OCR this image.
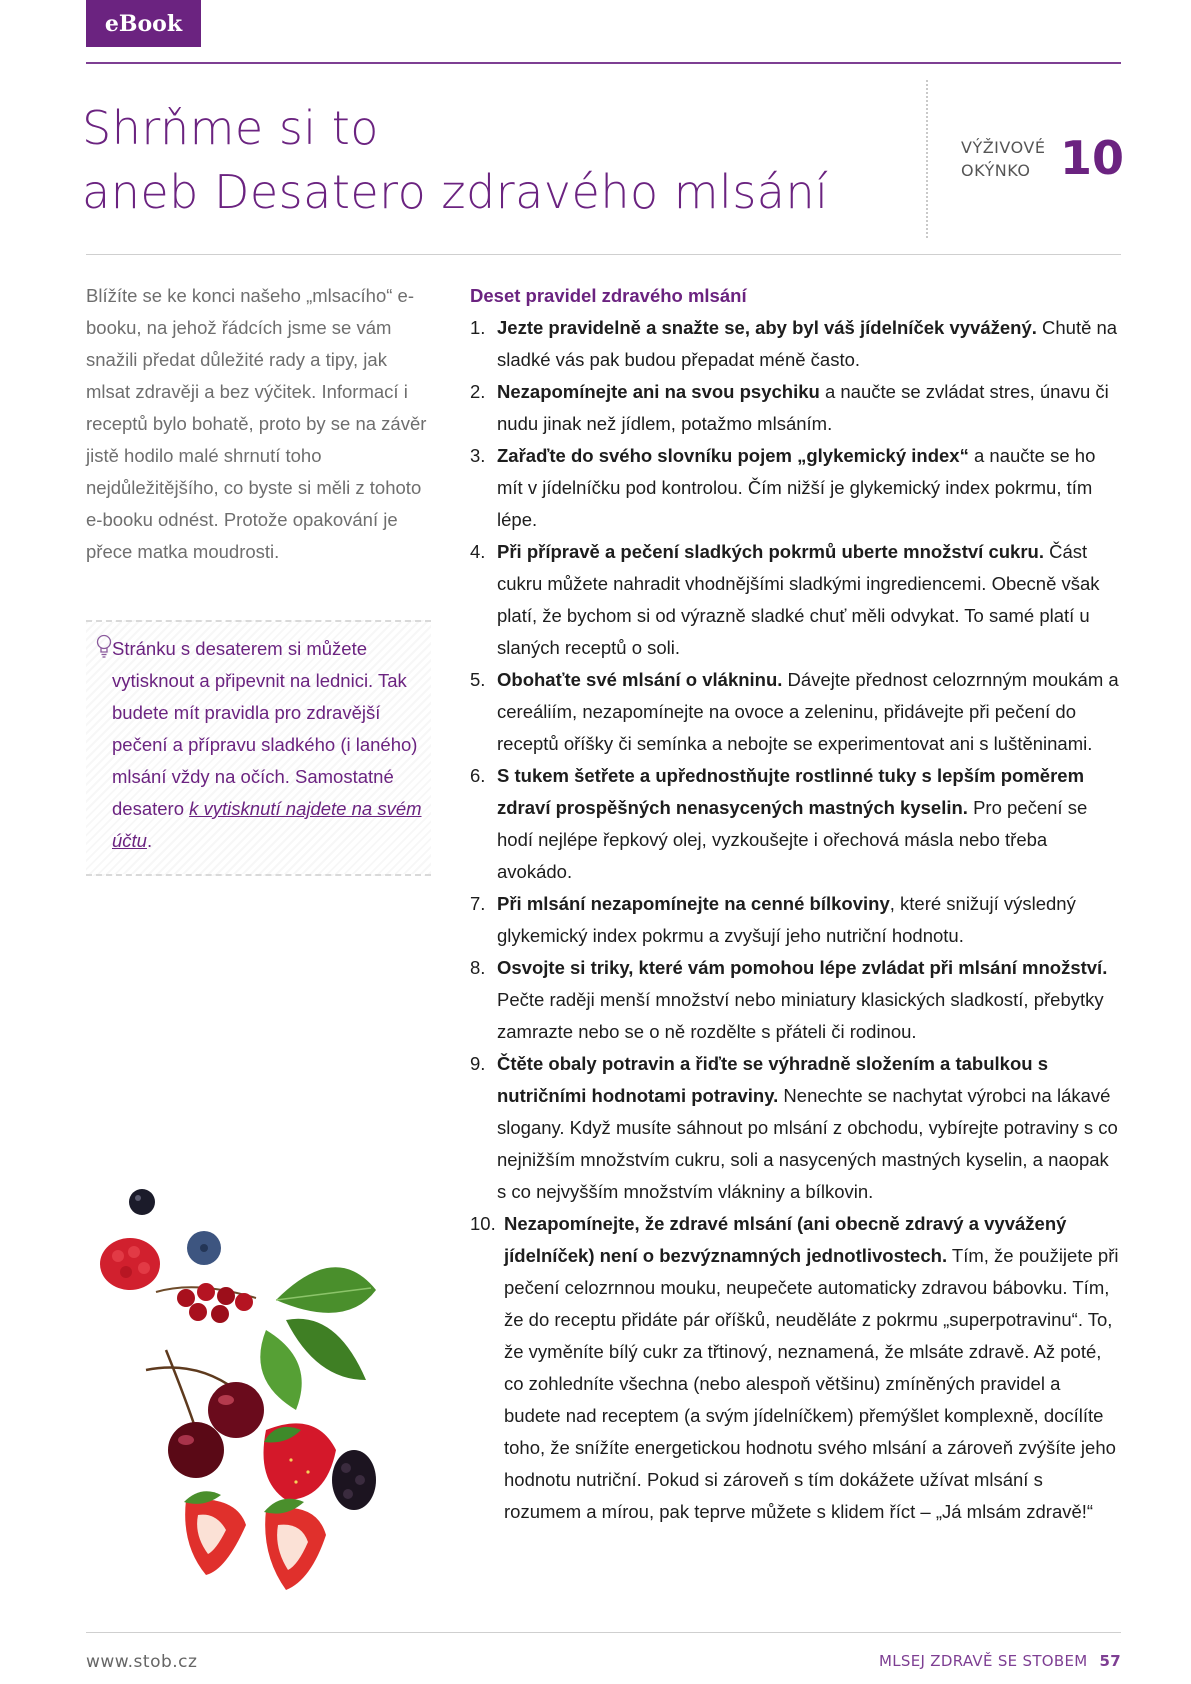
eBook
Shrňme si to
aneb Desatero zdravého mlsání
VÝŽIVOVÉ
OKÝNKO 10

Blížíte se ke konci našeho „mlsacího“ e-booku, na jehož řádcích jsme se vám snažili předat důležité rady a tipy, jak mlsat zdravěji a bez výčitek. Informací i receptů bylo bohatě, proto by se na závěr jistě hodilo malé shrnutí toho nejdůležitějšího, co byste si měli z tohoto e-booku odnést. Protože opakování je přece matka moudrosti.

Stránku s desaterem si můžete vytisknout a připevnit na lednici. Tak budete mít pravidla pro zdravější pečení a přípravu sladkého (i laného) mlsání vždy na očích. Samostatné desatero k vytisknutí najdete na svém účtu.

Deset pravidel zdravého mlsání
1. Jezte pravidelně a snažte se, aby byl váš jídelníček vyvážený. Chutě na sladké vás pak budou přepadat méně často.
2. Nezapomínejte ani na svou psychiku a naučte se zvládat stres, únavu či nudu jinak než jídlem, potažmo mlsáním.
3. Zařaďte do svého slovníku pojem „glykemický index“ a naučte se ho mít v jídelníčku pod kontrolou. Čím nižší je glykemický index pokrmu, tím lépe.
4. Při přípravě a pečení sladkých pokrmů uberte množství cukru. Část cukru můžete nahradit vhodnějšími sladkými ingrediencemi. Obecně však platí, že bychom si od výrazně sladké chuť měli odvykat. To samé platí u slaných receptů o soli.
5. Obohaťte své mlsání o vlákninu. Dávejte přednost celozrnným moukám a cereáliím, nezapomínejte na ovoce a zeleninu, přidávejte při pečení do receptů oříšky či semínka a nebojte se experimentovat ani s luštěninami.
6. S tukem šetřete a upřednostňujte rostlinné tuky s lepším poměrem zdraví prospěšných nenasycených mastných kyselin. Pro pečení se hodí nejlépe řepkový olej, vyzkoušejte i ořechová másla nebo třeba avokádo.
7. Při mlsání nezapomínejte na cenné bílkoviny, které snižují výsledný glykemický index pokrmu a zvyšují jeho nutriční hodnotu.
8. Osvojte si triky, které vám pomohou lépe zvládat při mlsání množství. Pečte raději menší množství nebo miniatury klasických sladkostí, přebytky zamrazte nebo se o ně rozdělte s přáteli či rodinou.
9. Čtěte obaly potravin a řiďte se výhradně složením a tabulkou s nutričními hodnotami potraviny. Nenechte se nachytat výrobci na lákavé slogany. Když musíte sáhnout po mlsání z obchodu, vybírejte potraviny s co nejnižším množstvím cukru, soli a nasycených mastných kyselin, a naopak s co nejvyšším množstvím vlákniny a bílkovin.
10. Nezapomínejte, že zdravé mlsání (ani obecně zdravý a vyvážený jídelníček) není o bezvýznamných jednotlivostech. Tím, že použijete při pečení celozrnnou mouku, neupečete automaticky zdravou bábovku. Tím, že do receptu přidáte pár oříšků, neuděláte z pokrmu „superpotravinu“. To, že vyměníte bílý cukr za třtinový, neznamená, že mlsáte zdravě. Až poté, co zohledníte všechna (nebo alespoň většinu) zmíněných pravidel a budete nad receptem (a svým jídelníčkem) přemýšlet komplexně, docílíte toho, že snížíte energetickou hodnotu svého mlsání a zároveň zvýšíte jeho hodnotu nutriční. Pokud si zároveň s tím dokážete užívat mlsání s rozumem a mírou, pak teprve můžete s klidem říct – „Já mlsám zdravě!“
www.stob.cz	MLSEJ ZDRAVĚ SE STOBEM 57
